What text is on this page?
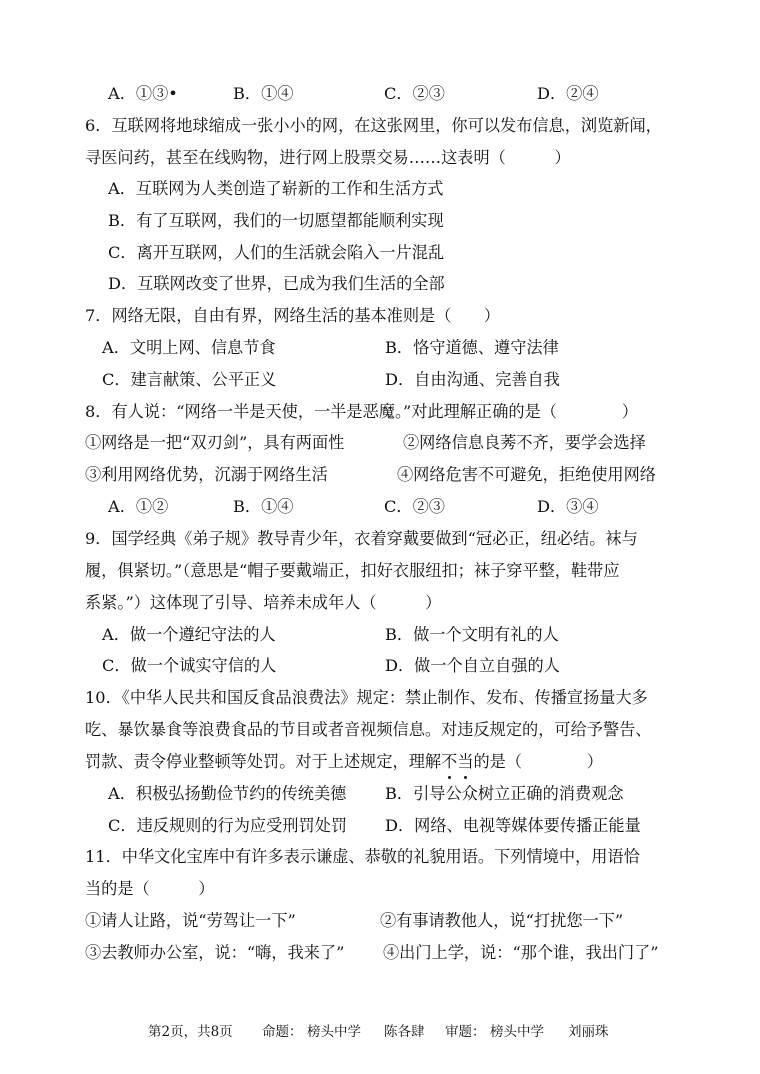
A．①③•	B．①④	C．②③	D．②④
6．互联网将地球缩成一张小小的网，在这张网里，你可以发布信息，浏览新闻，
寻医问药，甚至在线购物，进行网上股票交易……这表明（　　　）
A．互联网为人类创造了崭新的工作和生活方式
B．有了互联网，我们的一切愿望都能顺利实现
C．离开互联网，人们的生活就会陷入一片混乱
D．互联网改变了世界，已成为我们生活的全部
7．网络无限，自由有界，网络生活的基本准则是（　　）
A．文明上网、信息节食	B．恪守道德、遵守法律
C．建言献策、公平正义	D．自由沟通、完善自我
8．有人说：“网络一半是天使，一半是恶魔。”对此理解正确的是（　　　　）
①网络是一把“双刃剑”，具有两面性	②网络信息良莠不齐，要学会选择
③利用网络优势，沉溺于网络生活	④网络危害不可避免，拒绝使用网络
A．①②	B．①④	C．②③	D．③④
9．国学经典《弟子规》教导青少年，衣着穿戴要做到“冠必正，纽必结。袜与
履，俱紧切。”（意思是“帽子要戴端正，扣好衣服纽扣；袜子穿平整，鞋带应
系紧。”）这体现了引导、培养未成年人（　　　）
A．做一个遵纪守法的人	B．做一个文明有礼的人
C．做一个诚实守信的人	D．做一个自立自强的人
10．《中华人民共和国反食品浪费法》规定：禁止制作、发布、传播宣扬量大多
吃、暴饮暴食等浪费食品的节目或者音视频信息。对违反规定的，可给予警告、
罚款、责令停业整顿等处罚。对于上述规定，理解不当的是（　　　　）
A．积极弘扬勤俭节约的传统美德 B．引导公众树立正确的消费观念
C．违反规则的行为应受刑罚处罚 D．网络、电视等媒体要传播正能量
11．中华文化宝库中有许多表示谦虚、恭敬的礼貌用语。下列情境中，用语恰
当的是（　　　）
①请人让路，说“劳驾让一下”	②有事请教他人，说“打扰您一下”
③去教师办公室，说：“嗨，我来了” ④出门上学，说：“那个谁，我出门了”
第2页，共8页 命题： 榜头中学 陈各肆 审题： 榜头中学 刘丽珠
